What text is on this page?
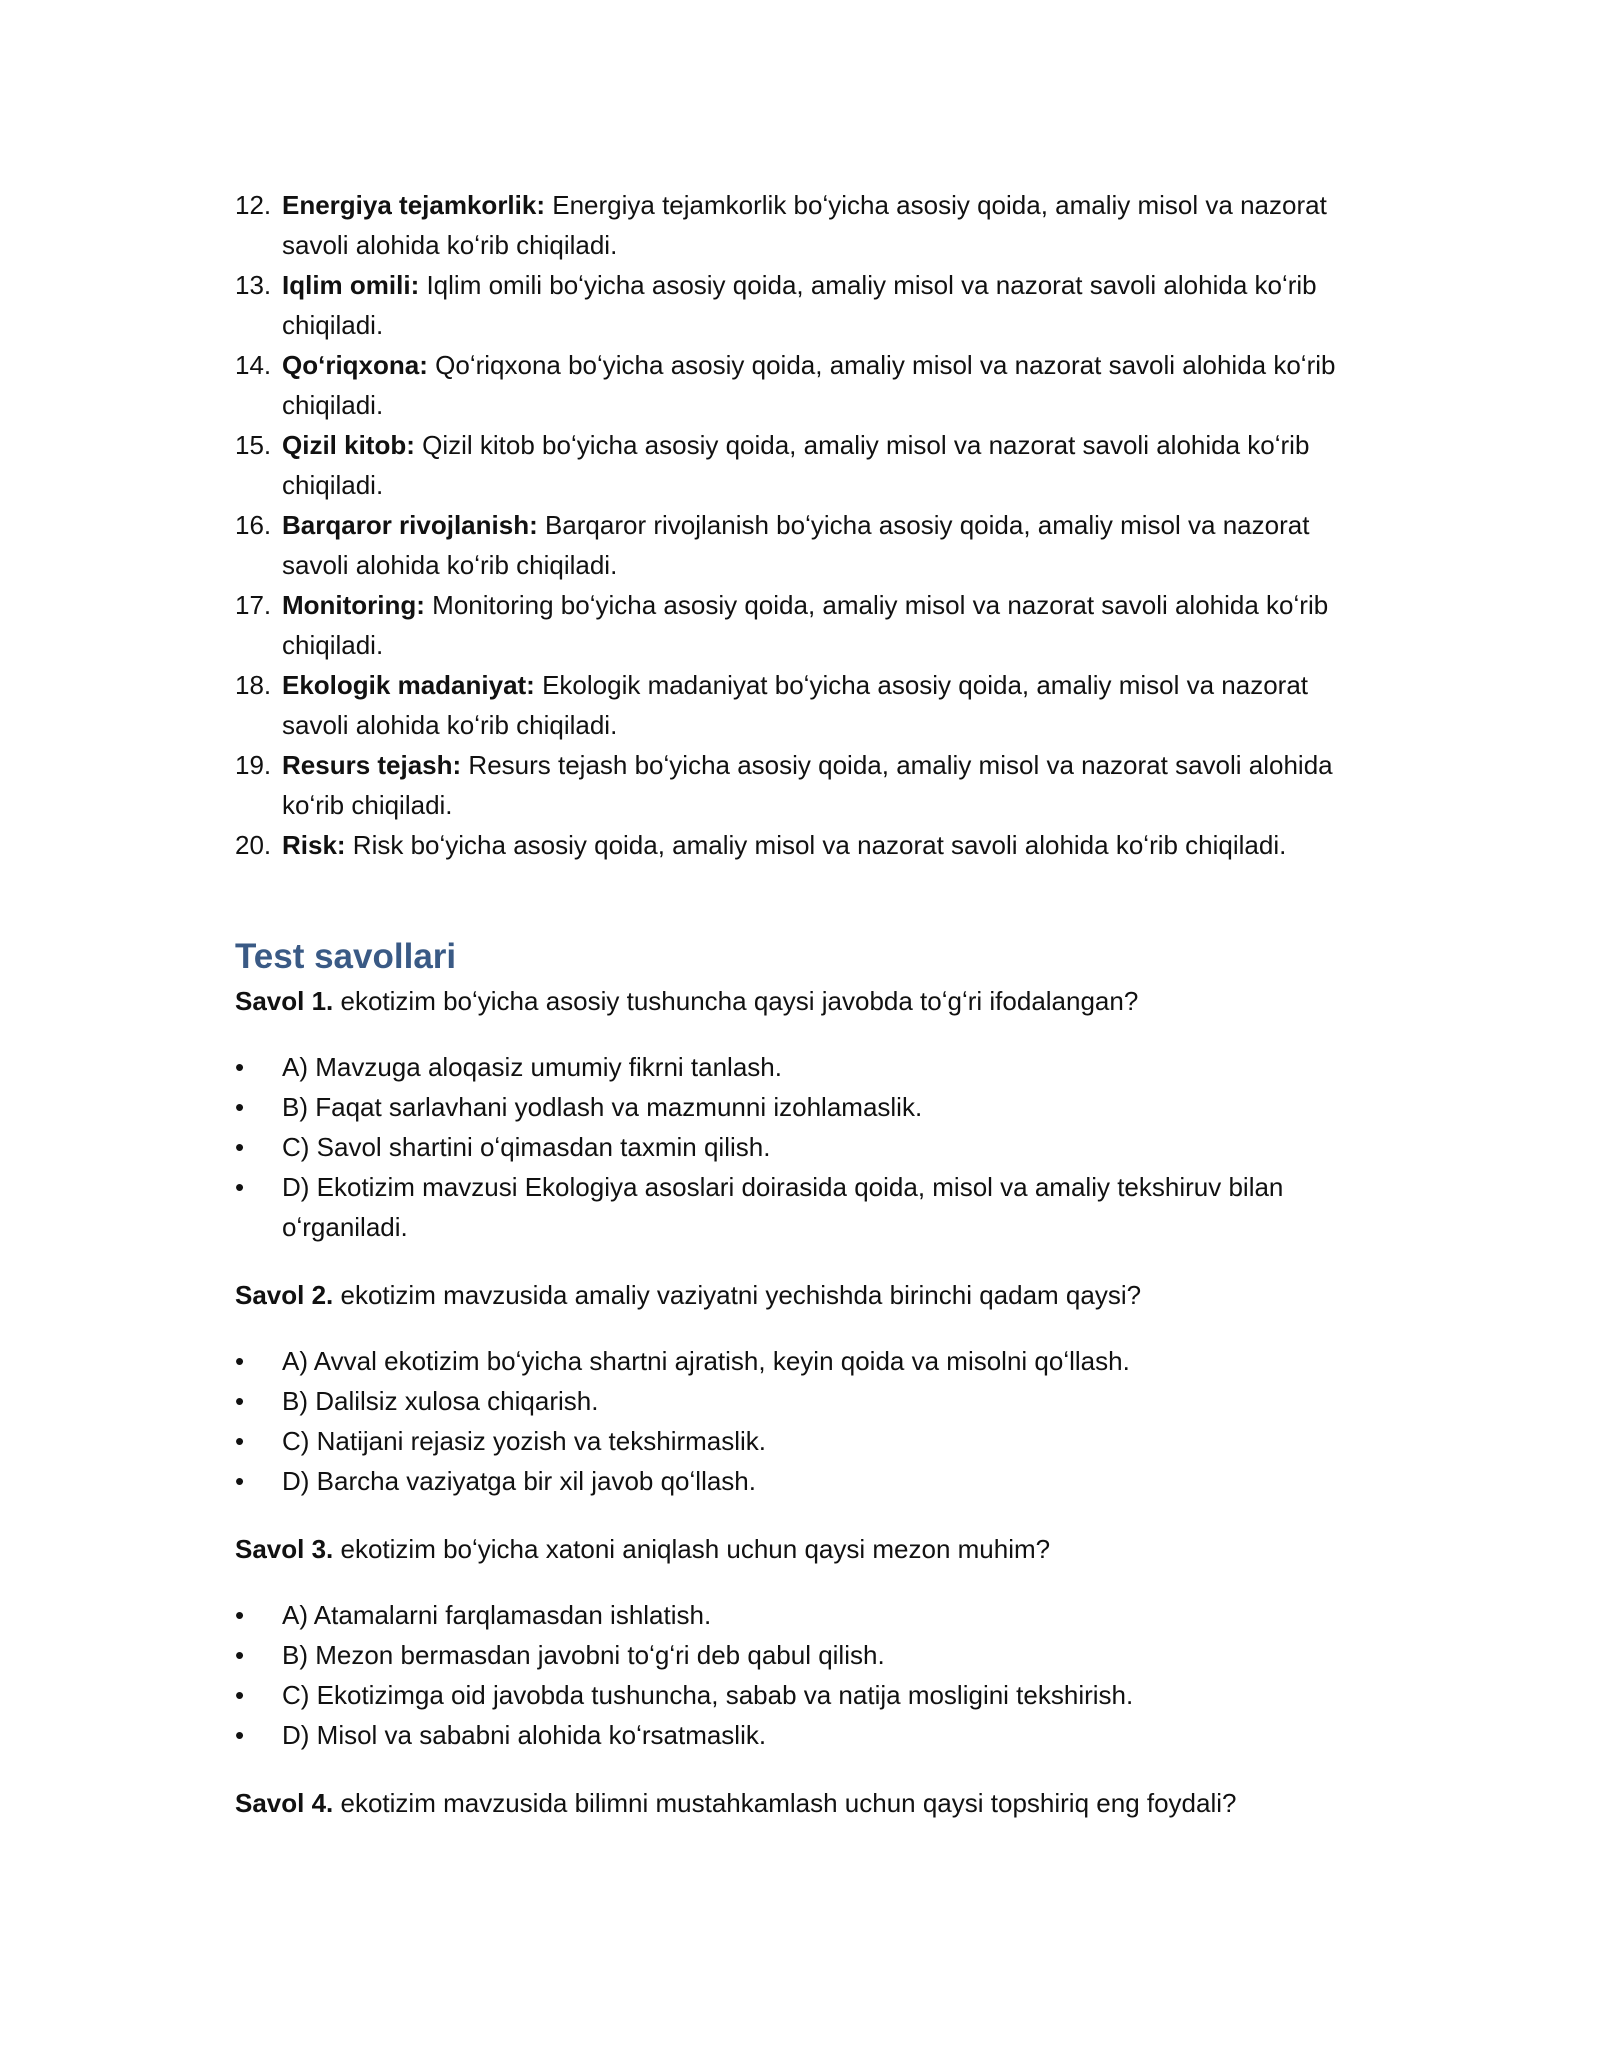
12. Energiya tejamkorlik: Energiya tejamkorlik boʻyicha asosiy qoida, amaliy misol va nazorat savoli alohida koʻrib chiqiladi.
13. Iqlim omili: Iqlim omili boʻyicha asosiy qoida, amaliy misol va nazorat savoli alohida koʻrib chiqiladi.
14. Qoʻriqxona: Qoʻriqxona boʻyicha asosiy qoida, amaliy misol va nazorat savoli alohida koʻrib chiqiladi.
15. Qizil kitob: Qizil kitob boʻyicha asosiy qoida, amaliy misol va nazorat savoli alohida koʻrib chiqiladi.
16. Barqaror rivojlanish: Barqaror rivojlanish boʻyicha asosiy qoida, amaliy misol va nazorat savoli alohida koʻrib chiqiladi.
17. Monitoring: Monitoring boʻyicha asosiy qoida, amaliy misol va nazorat savoli alohida koʻrib chiqiladi.
18. Ekologik madaniyat: Ekologik madaniyat boʻyicha asosiy qoida, amaliy misol va nazorat savoli alohida koʻrib chiqiladi.
19. Resurs tejash: Resurs tejash boʻyicha asosiy qoida, amaliy misol va nazorat savoli alohida koʻrib chiqiladi.
20. Risk: Risk boʻyicha asosiy qoida, amaliy misol va nazorat savoli alohida koʻrib chiqiladi.
Test savollari

Savol 1. ekotizim boʻyicha asosiy tushuncha qaysi javobda toʻgʻri ifodalangan?

•	A) Mavzuga aloqasiz umumiy fikrni tanlash.
•	B) Faqat sarlavhani yodlash va mazmunni izohlamaslik.
•	C) Savol shartini oʻqimasdan taxmin qilish.
•	D) Ekotizim mavzusi Ekologiya asoslari doirasida qoida, misol va amaliy tekshiruv bilan oʻrganiladi.

Savol 2. ekotizim mavzusida amaliy vaziyatni yechishda birinchi qadam qaysi?

•	A) Avval ekotizim boʻyicha shartni ajratish, keyin qoida va misolni qoʻllash.
•	B) Dalilsiz xulosa chiqarish.
•	C) Natijani rejasiz yozish va tekshirmaslik.
•	D) Barcha vaziyatga bir xil javob qoʻllash.

Savol 3. ekotizim boʻyicha xatoni aniqlash uchun qaysi mezon muhim?

•	A) Atamalarni farqlamasdan ishlatish.
•	B) Mezon bermasdan javobni toʻgʻri deb qabul qilish.
•	C) Ekotizimga oid javobda tushuncha, sabab va natija mosligini tekshirish.
•	D) Misol va sababni alohida koʻrsatmaslik.

Savol 4. ekotizim mavzusida bilimni mustahkamlash uchun qaysi topshiriq eng foydali?
